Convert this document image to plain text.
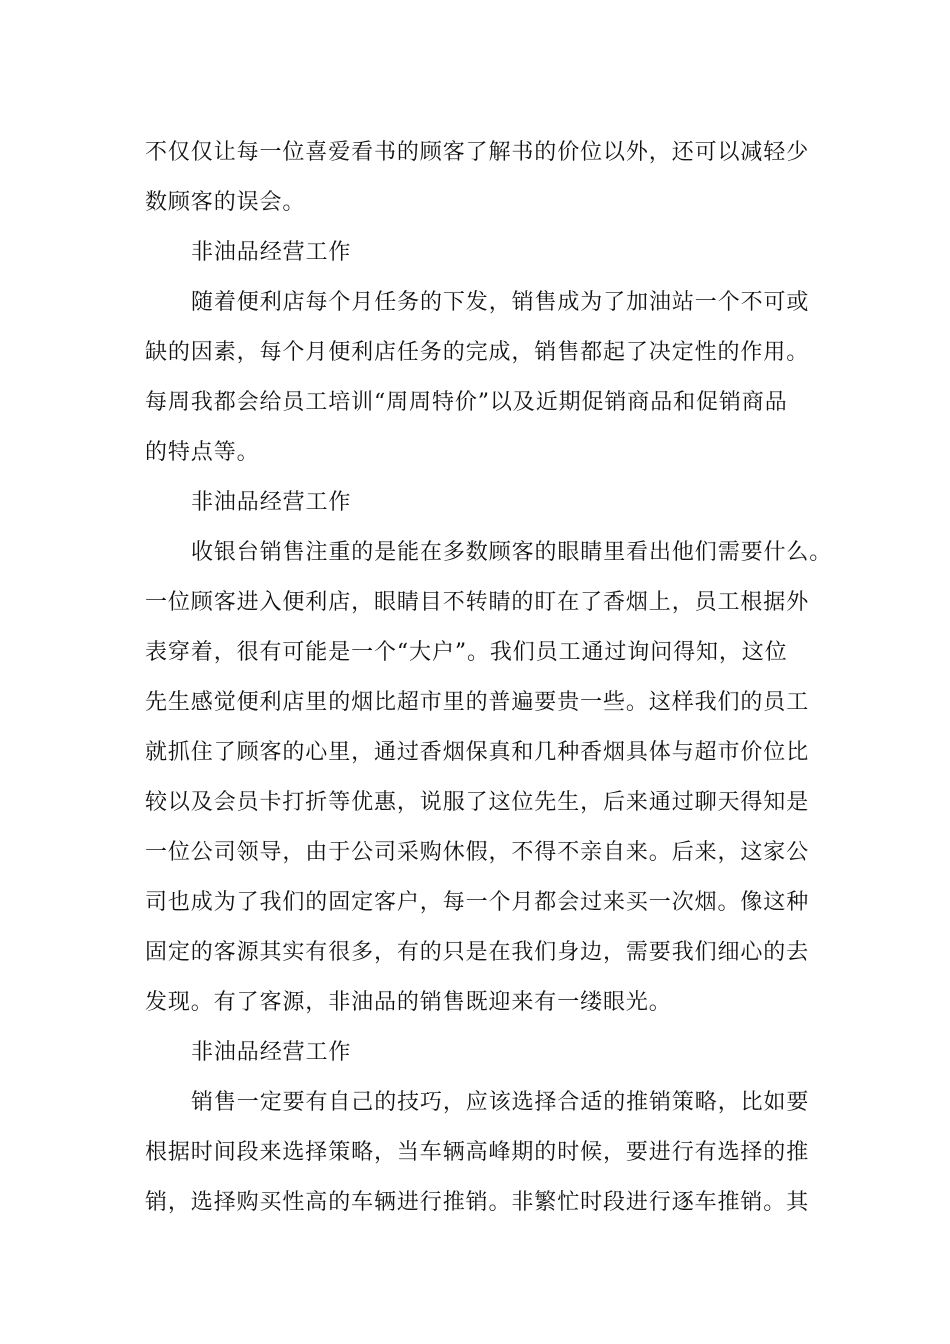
不仅仅让每一位喜爱看书的顾客了解书的价位以外，还可以减轻少
数顾客的误会。
非油品经营工作
随着便利店每个月任务的下发，销售成为了加油站一个不可或
缺的因素，每个月便利店任务的完成，销售都起了决定性的作用。
每周我都会给员工培训“周周特价”以及近期促销商品和促销商品
的特点等。
非油品经营工作
收银台销售注重的是能在多数顾客的眼睛里看出他们需要什么。
一位顾客进入便利店，眼睛目不转睛的盯在了香烟上，员工根据外
表穿着，很有可能是一个“大户”。我们员工通过询问得知，这位
先生感觉便利店里的烟比超市里的普遍要贵一些。这样我们的员工
就抓住了顾客的心里，通过香烟保真和几种香烟具体与超市价位比
较以及会员卡打折等优惠，说服了这位先生，后来通过聊天得知是
一位公司领导，由于公司采购休假，不得不亲自来。后来，这家公
司也成为了我们的固定客户，每一个月都会过来买一次烟。像这种
固定的客源其实有很多，有的只是在我们身边，需要我们细心的去
发现。有了客源，非油品的销售既迎来有一缕眼光。
非油品经营工作
销售一定要有自己的技巧，应该选择合适的推销策略，比如要
根据时间段来选择策略，当车辆高峰期的时候，要进行有选择的推
销，选择购买性高的车辆进行推销。非繁忙时段进行逐车推销。其
